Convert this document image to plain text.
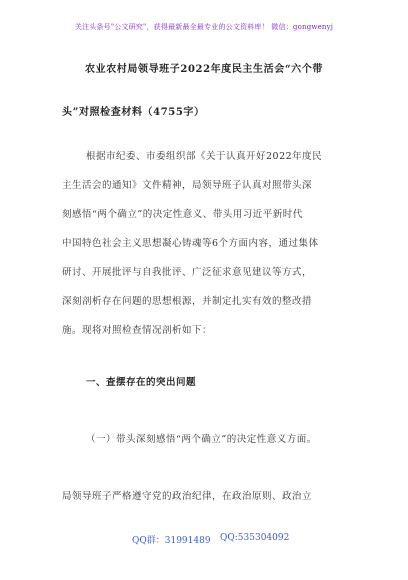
关注头条号"公文研究"，获得最新最全最专业的公文资料库！ 微信：gongwenyj
农业农村局领导班子2022年度民主生活会“六个带
头”对照检查材料（4755字）
根据市纪委、市委组织部《关于认真开好2022年度民
主生活会的通知》文件精神，局领导班子认真对照带头深
刻感悟“两个确立”的决定性意义、带头用习近平新时代
中国特色社会主义思想凝心铸魂等6个方面内容，通过集体
研讨、开展批评与自我批评、广泛征求意见建议等方式，
深刻剖析存在问题的思想根源，并制定扎实有效的整改措
施。现将对照检查情况剖析如下：
一、查摆存在的突出问题
（一）带头深刻感悟“两个确立”的决定性意义方面。
局领导班子严格遵守党的政治纪律，在政治原则、政治立
QQ群：31991489 QQ:535304092
